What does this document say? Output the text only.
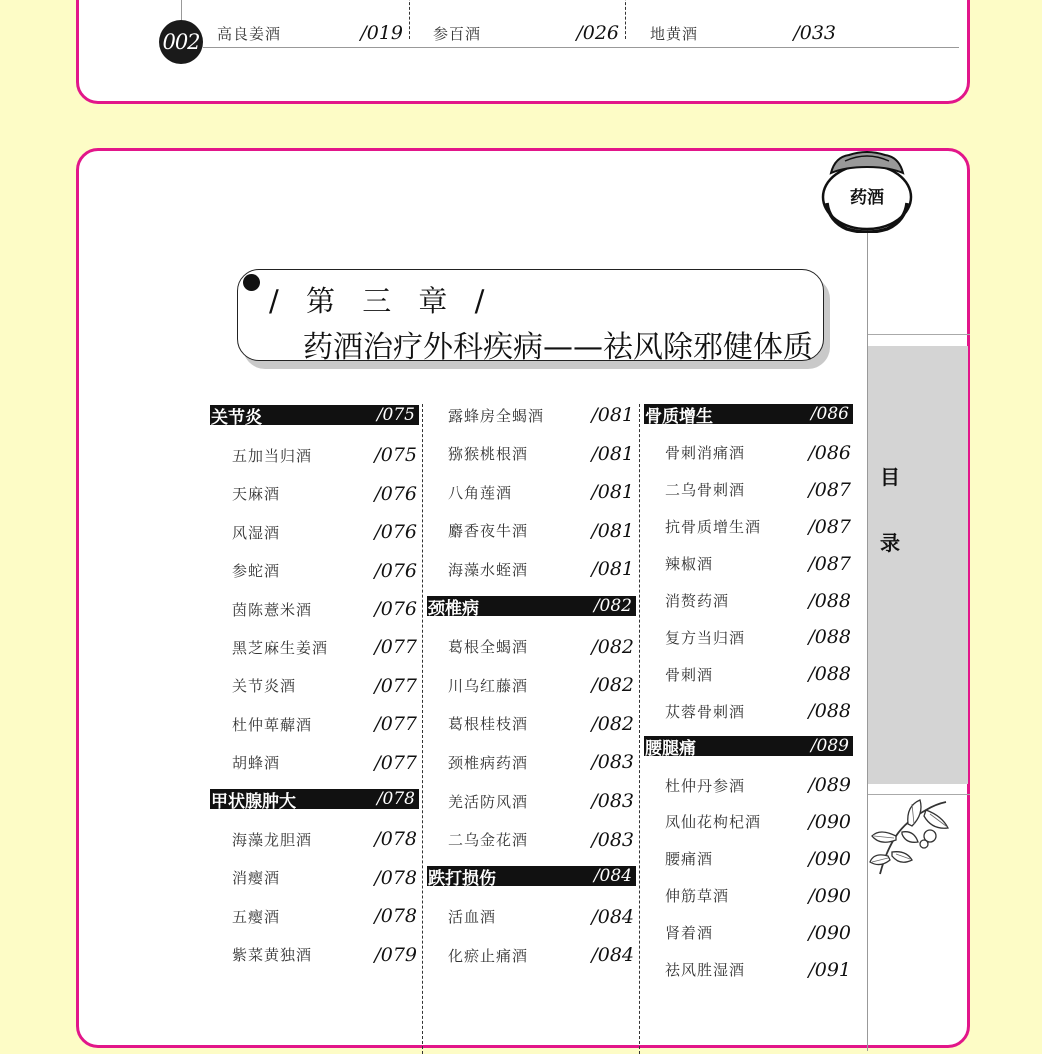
高良姜酒	/019 参百酒	/026 地黄酒	/033
002
目
录
药酒
/ 第 三 章 /
药酒治疗外科疾病——祛风除邪健体质
关节炎	/075
五加当归酒	/075
天麻酒	/076
风湿酒	/076
参蛇酒	/076
茵陈薏米酒	/076
黑芝麻生姜酒 /077
关节炎酒	/077
杜仲萆薢酒	/077
胡蜂酒	/077
甲状腺肿大	/078
海藻龙胆酒	/078
消瘿酒	/078
五瘿酒	/078
紫菜黄独酒	/079
露蜂房全蝎酒 /081
猕猴桃根酒	/081
八角莲酒	/081
麝香夜牛酒	/081
海藻水蛭酒	/081
颈椎病	/082
葛根全蝎酒	/082
川乌红藤酒	/082
葛根桂枝酒	/082
颈椎病药酒	/083
羌活防风酒	/083
二乌金花酒	/083
跌打损伤	/084
活血酒	/084
化瘀止痛酒	/084
骨质增生	/086
骨刺消痛酒	/086
二乌骨刺酒	/087
抗骨质增生酒 /087
辣椒酒	/087
消赘药酒	/088
复方当归酒	/088
骨刺酒	/088
苁蓉骨刺酒	/088
腰腿痛	/089
杜仲丹参酒	/089
凤仙花枸杞酒 /090
腰痛酒	/090
伸筋草酒	/090
肾着酒	/090
祛风胜湿酒	/091
